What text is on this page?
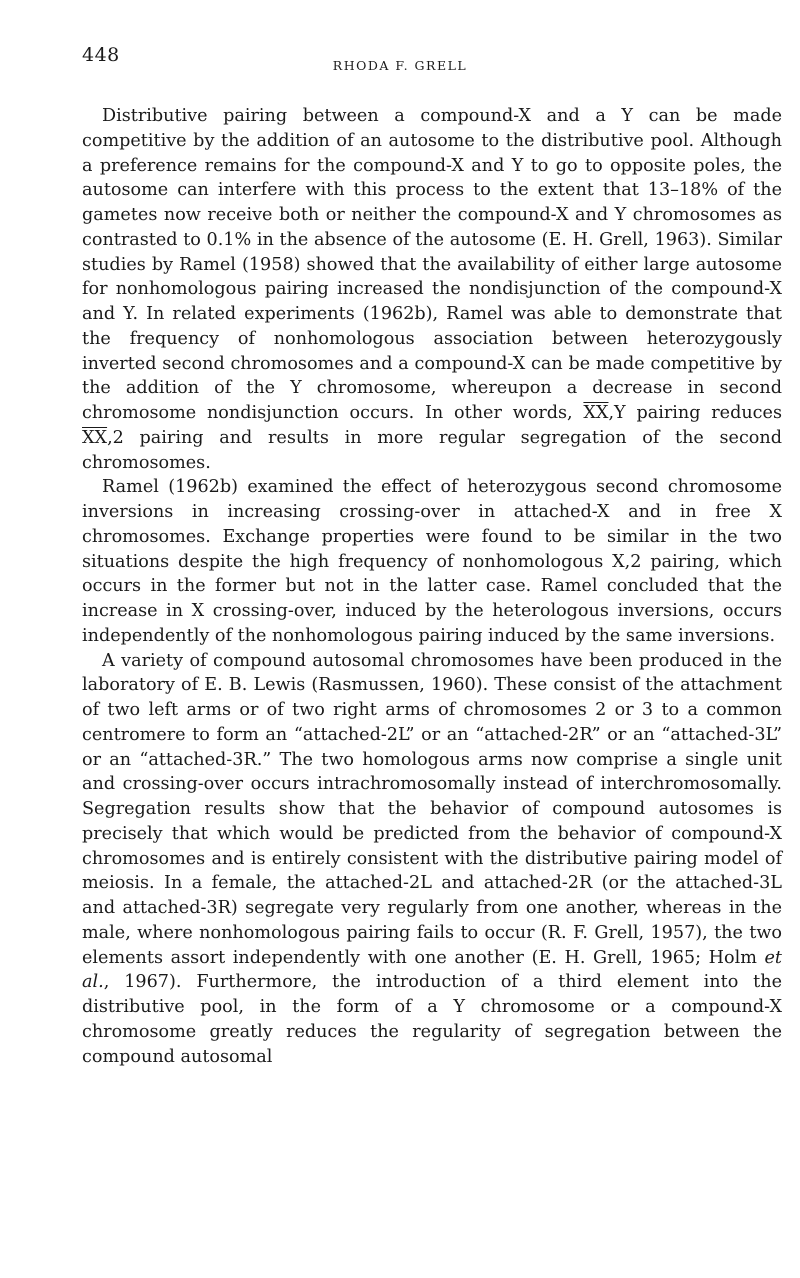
448	RHODA F. GRELL

Distributive pairing between a compound-X and a Y can be made competitive by the addition of an autosome to the distributive pool. Although a preference remains for the compound-X and Y to go to opposite poles, the autosome can interfere with this process to the extent that 13–18% of the gametes now receive both or neither the compound-X and Y chromosomes as contrasted to 0.1% in the absence of the autosome (E. H. Grell, 1963). Similar studies by Ramel (1958) showed that the availability of either large autosome for nonhomologous pairing increased the nondisjunction of the compound-X and Y. In related experiments (1962b), Ramel was able to demonstrate that the frequency of nonhomologous association between heterozygously inverted second chromosomes and a compound-X can be made competitive by the addition of the Y chromosome, whereupon a decrease in second chromosome nondisjunction occurs. In other words, $\overline{XX},Y$ pairing reduces $\overline{XX},2$ pairing and results in more regular segregation of the second chromosomes.

Ramel (1962b) examined the effect of heterozygous second chromosome inversions in increasing crossing-over in attached-X and in free X chromosomes. Exchange properties were found to be similar in the two situations despite the high frequency of nonhomologous X,2 pairing, which occurs in the former but not in the latter case. Ramel concluded that the increase in X crossing-over, induced by the heterologous inversions, occurs independently of the nonhomologous pairing induced by the same inversions.

A variety of compound autosomal chromosomes have been produced in the laboratory of E. B. Lewis (Rasmussen, 1960). These consist of the attachment of two left arms or of two right arms of chromosomes 2 or 3 to a common centromere to form an “attached-2L” or an “attached-2R” or an “attached-3L” or an “attached-3R.” The two homologous arms now comprise a single unit and crossing-over occurs intrachromosomally instead of interchromosomally. Segregation results show that the behavior of compound autosomes is precisely that which would be predicted from the behavior of compound-X chromosomes and is entirely consistent with the distributive pairing model of meiosis. In a female, the attached-2L and attached-2R (or the attached-3L and attached-3R) segregate very regularly from one another, whereas in the male, where nonhomologous pairing fails to occur (R. F. Grell, 1957), the two elements assort independently with one another (E. H. Grell, 1965; Holm et al., 1967). Furthermore, the introduction of a third element into the distributive pool, in the form of a Y chromosome or a compound-X chromosome greatly reduces the regularity of segregation between the compound autosomal
